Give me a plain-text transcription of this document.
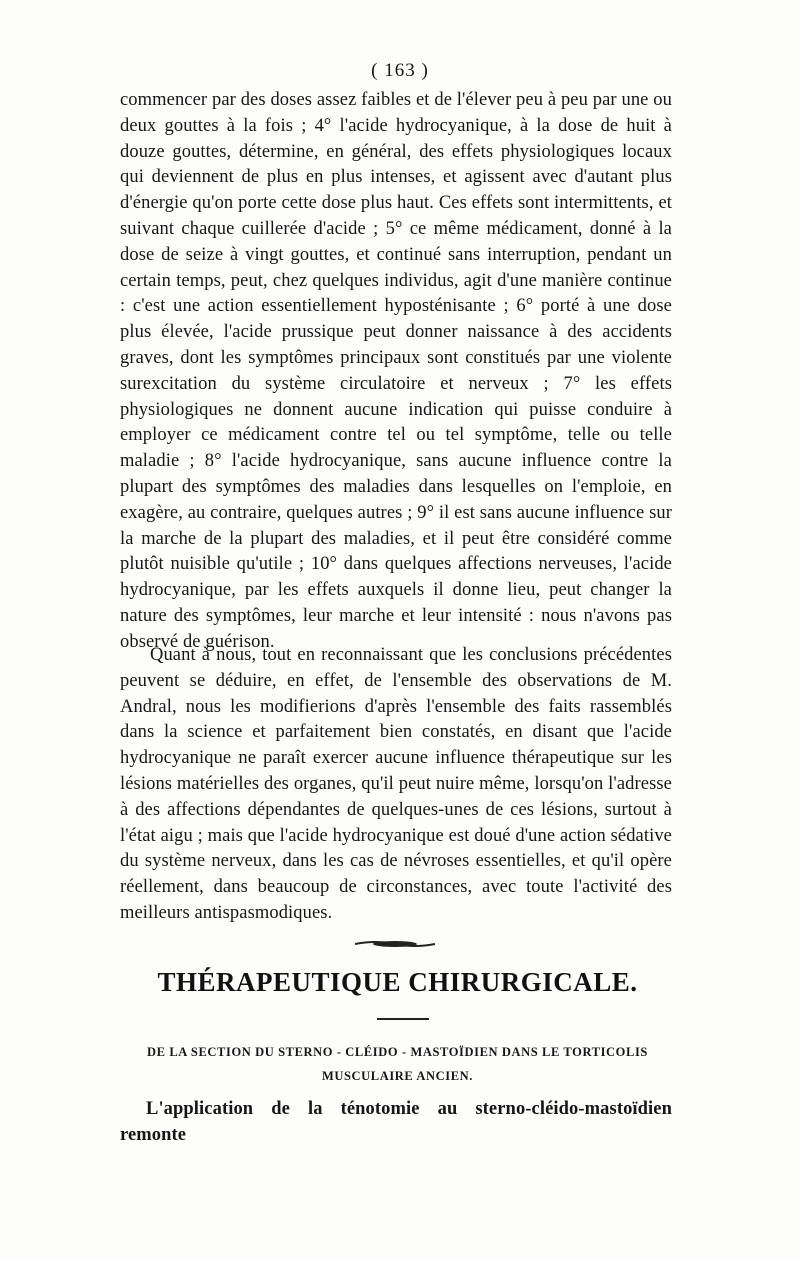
( 163 )

commencer par des doses assez faibles et de l'élever peu à peu par une ou deux gouttes à la fois ; 4° l'acide hydrocyanique, à la dose de huit à douze gouttes, détermine, en général, des effets physiologiques locaux qui deviennent de plus en plus intenses, et agissent avec d'autant plus d'énergie qu'on porte cette dose plus haut. Ces effets sont intermittents, et suivant chaque cuillerée d'acide ; 5° ce même médicament, donné à la dose de seize à vingt gouttes, et continué sans interruption, pendant un certain temps, peut, chez quelques individus, agit d'une manière continue : c'est une action essentiellement hyposténisante ; 6° porté à une dose plus élevée, l'acide prussique peut donner naissance à des accidents graves, dont les symptômes principaux sont constitués par une violente surexcitation du système circulatoire et nerveux ; 7° les effets physiologiques ne donnent aucune indication qui puisse conduire à employer ce médicament contre tel ou tel symptôme, telle ou telle maladie ; 8° l'acide hydrocyanique, sans aucune influence contre la plupart des symptômes des maladies dans lesquelles on l'emploie, en exagère, au contraire, quelques autres ; 9° il est sans aucune influence sur la marche de la plupart des maladies, et il peut être considéré comme plutôt nuisible qu'utile ; 10° dans quelques affections nerveuses, l'acide hydrocyanique, par les effets auxquels il donne lieu, peut changer la nature des symptômes, leur marche et leur intensité : nous n'avons pas observé de guérison.

Quant à nous, tout en reconnaissant que les conclusions précédentes peuvent se déduire, en effet, de l'ensemble des observations de M. Andral, nous les modifierions d'après l'ensemble des faits rassemblés dans la science et parfaitement bien constatés, en disant que l'acide hydrocyanique ne paraît exercer aucune influence thérapeutique sur les lésions matérielles des organes, qu'il peut nuire même, lorsqu'on l'adresse à des affections dépendantes de quelques-unes de ces lésions, surtout à l'état aigu ; mais que l'acide hydrocyanique est doué d'une action sédative du système nerveux, dans les cas de névroses essentielles, et qu'il opère réellement, dans beaucoup de circonstances, avec toute l'activité des meilleurs antispasmodiques.

THÉRAPEUTIQUE CHIRURGICALE.
DE LA SECTION DU STERNO - CLÉIDO - MASTOÏDIEN DANS LE TORTICOLIS
MUSCULAIRE ANCIEN.

L'application de la ténotomie au sterno-cléido-mastoïdien remonte
